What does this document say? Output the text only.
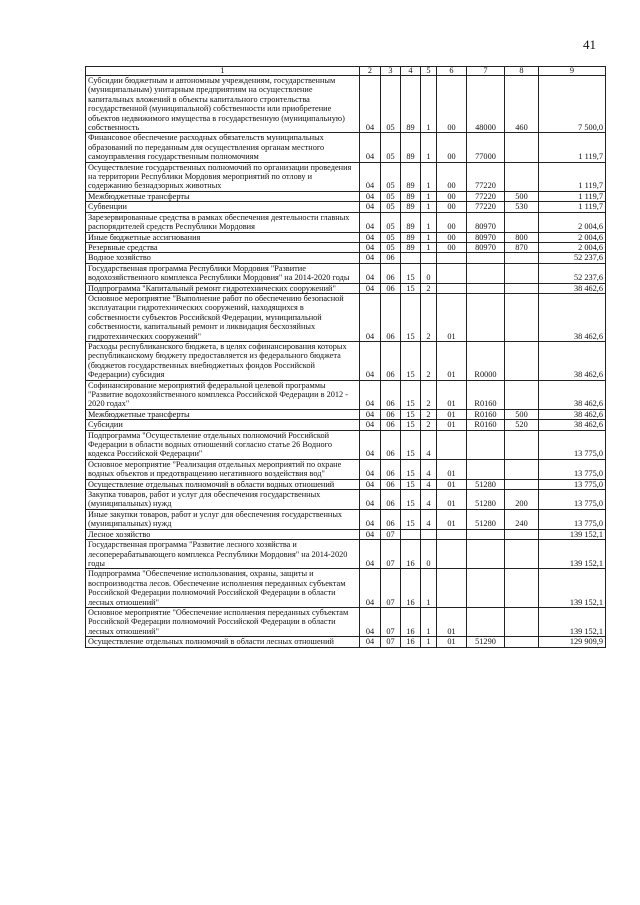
41
1	2	3	4	5	6	7	8	9
Субсидии бюджетным и автономным учреждениям, государственным (муниципальным) унитарным предприятиям на осуществление капитальных вложений в объекты капитального строительства государственной (муниципальной) собственности или приобретение объектов недвижимого имущества в государственную (муниципальную) собственность	04	05	89	1	00	48000	460	7 500,0
Финансовое обеспечение расходных обязательств муниципальных образований по переданным для осуществления органам местного самоуправления государственным полномочиям	04	05	89	1	00	77000		1 119,7
Осуществление государственных полномочий по организации проведения на территории Республики Мордовия мероприятий по отлову и содержанию безнадзорных животных	04	05	89	1	00	77220		1 119,7
Межбюджетные трансферты	04	05	89	1	00	77220	500	1 119,7
Субвенции	04	05	89	1	00	77220	530	1 119,7
Зарезервированные средства в рамках обеспечения деятельности главных распорядителей средств Республики Мордовия	04	05	89	1	00	80970		2 004,6
Иные бюджетные ассигнования	04	05	89	1	00	80970	800	2 004,6
Резервные средства	04	05	89	1	00	80970	870	2 004,6
Водное хозяйство	04	06						52 237,6
Государственная программа Республики Мордовия "Развитие водохозяйственного комплекса Республики Мордовия" на 2014-2020 годы	04	06	15	0				52 237,6
Подпрограмма "Капитальный ремонт гидротехнических сооружений"	04	06	15	2				38 462,6
Основное мероприятие "Выполнение работ по обеспечению безопасной эксплуатации гидротехнических сооружений, находящихся в собственности субъектов Российской Федерации, муниципальной собственности, капитальный ремонт и ликвидация бесхозяйных гидротехнических сооружений"	04	06	15	2	01			38 462,6
Расходы республиканского бюджета, в целях софинансирования которых республиканскому бюджету предоставляется из федерального бюджета (бюджетов государственных внебюджетных фондов Российской Федерации) субсидия	04	06	15	2	01	R0000		38 462,6
Софинансирование мероприятий федеральной целевой программы "Развитие водохозяйственного комплекса Российской Федерации в 2012 - 2020 годах"	04	06	15	2	01	R0160		38 462,6
Межбюджетные трансферты	04	06	15	2	01	R0160	500	38 462,6
Субсидии	04	06	15	2	01	R0160	520	38 462,6
Подпрограмма "Осуществление отдельных полномочий Российской Федерации в области водных отношений согласно статье 26 Водного кодекса Российской Федерации"	04	06	15	4				13 775,0
Основное мероприятие "Реализация отдельных мероприятий по охране водных объектов и предотвращению негативного воздействия вод"	04	06	15	4	01			13 775,0
Осуществление отдельных полномочий в области водных отношений	04	06	15	4	01	51280		13 775,0
Закупка товаров, работ и услуг для обеспечения государственных (муниципальных) нужд	04	06	15	4	01	51280	200	13 775,0
Иные закупки товаров, работ и услуг для обеспечения государственных (муниципальных) нужд	04	06	15	4	01	51280	240	13 775,0
Лесное хозяйство	04	07						139 152,1
Государственная программа "Развитие лесного хозяйства и лесоперерабатывающего комплекса Республики Мордовия" на 2014-2020 годы	04	07	16	0				139 152,1
Подпрограмма "Обеспечение использования, охраны, защиты и воспроизводства лесов. Обеспечение исполнения переданных субъектам Российской Федерации полномочий Российской Федерации в области лесных отношений"	04	07	16	1				139 152,1
Основное мероприятие "Обеспечение исполнения переданных субъектам Российской Федерации полномочий Российской Федерации в области лесных отношений"	04	07	16	1	01			139 152,1
Осуществление отдельных полномочий в области лесных отношений	04	07	16	1	01	51290		129 909,9
